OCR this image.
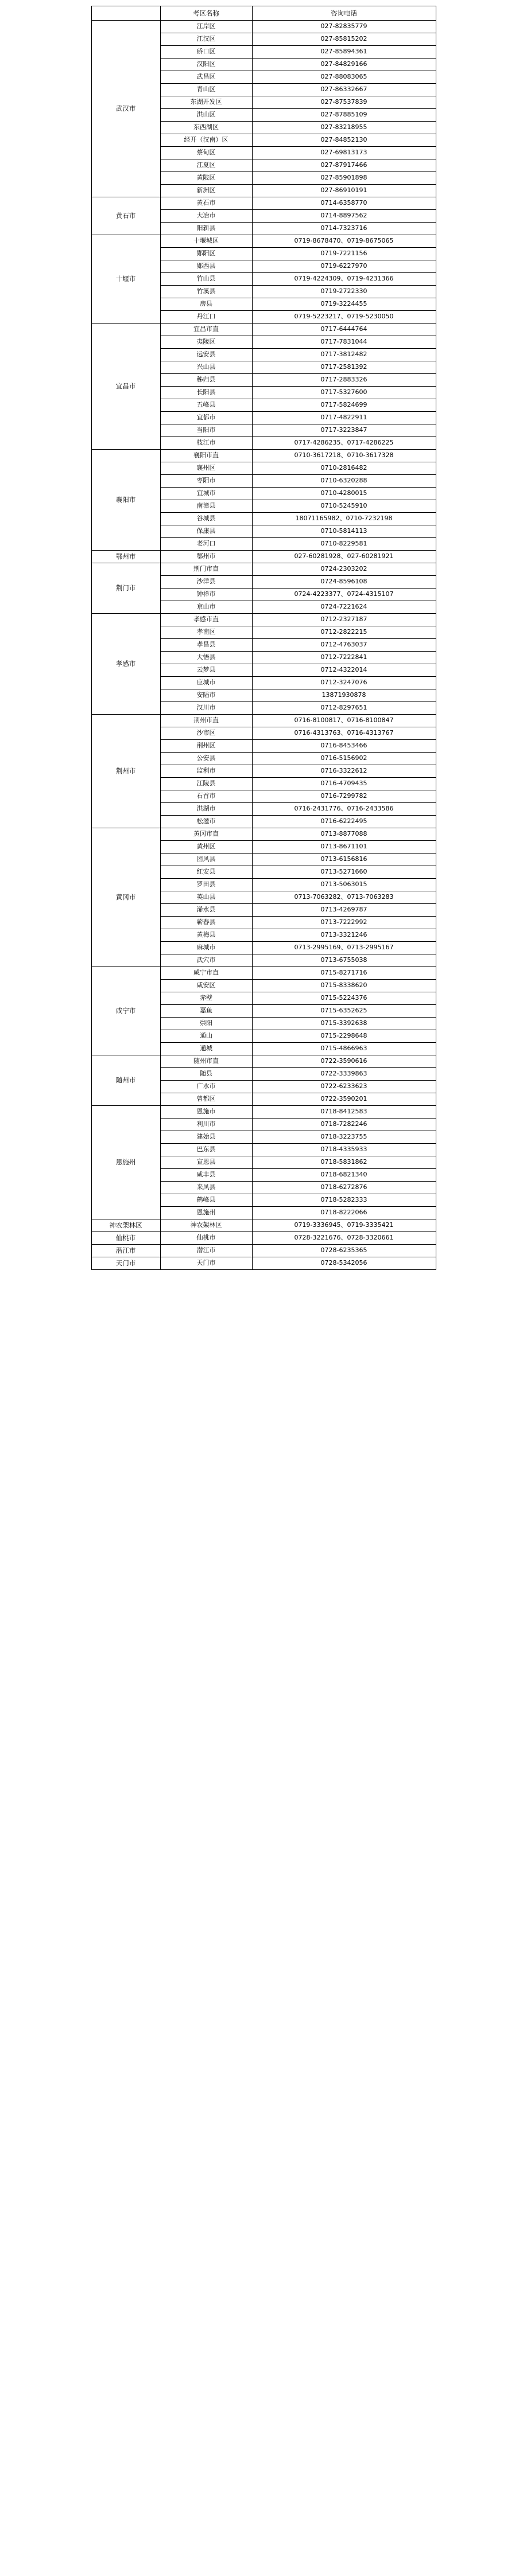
	考区名称	咨询电话
武汉市	江岸区	027-82835779
	江汉区	027-85815202
	硚口区	027-85894361
	汉阳区	027-84829166
	武昌区	027-88083065
	青山区	027-86332667
	东湖开发区	027-87537839
	洪山区	027-87885109
	东西湖区	027-83218955
	经开（汉南）区	027-84852130
	蔡甸区	027-69813173
	江夏区	027-87917466
	黄陂区	027-85901898
	新洲区	027-86910191
黄石市	黄石市	0714-6358770
	大冶市	0714-8897562
	阳新县	0714-7323716
十堰市	十堰城区	0719-8678470、0719-8675065
	郧阳区	0719-7221156
	郧西县	0719-6227970
	竹山县	0719-4224309、0719-4231366
	竹溪县	0719-2722330
	房县	0719-3224455
	丹江口	0719-5223217、0719-5230050
宜昌市	宜昌市直	0717-6444764
	夷陵区	0717-7831044
	远安县	0717-3812482
	兴山县	0717-2581392
	秭归县	0717-2883326
	长阳县	0717-5327600
	五峰县	0717-5824699
	宜都市	0717-4822911
	当阳市	0717-3223847
	枝江市	0717-4286235、0717-4286225
襄阳市	襄阳市直	0710-3617218、0710-3617328
	襄州区	0710-2816482
	枣阳市	0710-6320288
	宜城市	0710-4280015
	南漳县	0710-5245910
	谷城县	18071165982、0710-7232198
	保康县	0710-5814113
	老河口	0710-8229581
鄂州市	鄂州市	027-60281928、027-60281921
荆门市	荆门市直	0724-2303202
	沙洋县	0724-8596108
	钟祥市	0724-4223377、0724-4315107
	京山市	0724-7221624
孝感市	孝感市直	0712-2327187
	孝南区	0712-2822215
	孝昌县	0712-4763037
	大悟县	0712-7222841
	云梦县	0712-4322014
	应城市	0712-3247076
	安陆市	13871930878
	汉川市	0712-8297651
荆州市	荆州市直	0716-8100817、0716-8100847
	沙市区	0716-4313763、0716-4313767
	荆州区	0716-8453466
	公安县	0716-5156902
	监利市	0716-3322612
	江陵县	0716-4709435
	石首市	0716-7299782
	洪湖市	0716-2431776、0716-2433586
	松滋市	0716-6222495
黄冈市	黄冈市直	0713-8877088
	黄州区	0713-8671101
	团风县	0713-6156816
	红安县	0713-5271660
	罗田县	0713-5063015
	英山县	0713-7063282、0713-7063283
	浠水县	0713-4269787
	蕲春县	0713-7222992
	黄梅县	0713-3321246
	麻城市	0713-2995169、0713-2995167
	武穴市	0713-6755038
咸宁市	咸宁市直	0715-8271716
	咸安区	0715-8338620
	赤壁	0715-5224376
	嘉鱼	0715-6352625
	崇阳	0715-3392638
	通山	0715-2298648
	通城	0715-4866963
随州市	随州市直	0722-3590616
	随县	0722-3339863
	广水市	0722-6233623
	曾都区	0722-3590201
恩施州	恩施市	0718-8412583
	利川市	0718-7282246
	建始县	0718-3223755
	巴东县	0718-4335933
	宣恩县	0718-5831862
	咸丰县	0718-6821340
	来凤县	0718-6272876
	鹤峰县	0718-5282333
	恩施州	0718-8222066
神农架林区	神农架林区	0719-3336945、0719-3335421
仙桃市	仙桃市	0728-3221676、0728-3320661
潜江市	潜江市	0728-6235365
天门市	天门市	0728-5342056
